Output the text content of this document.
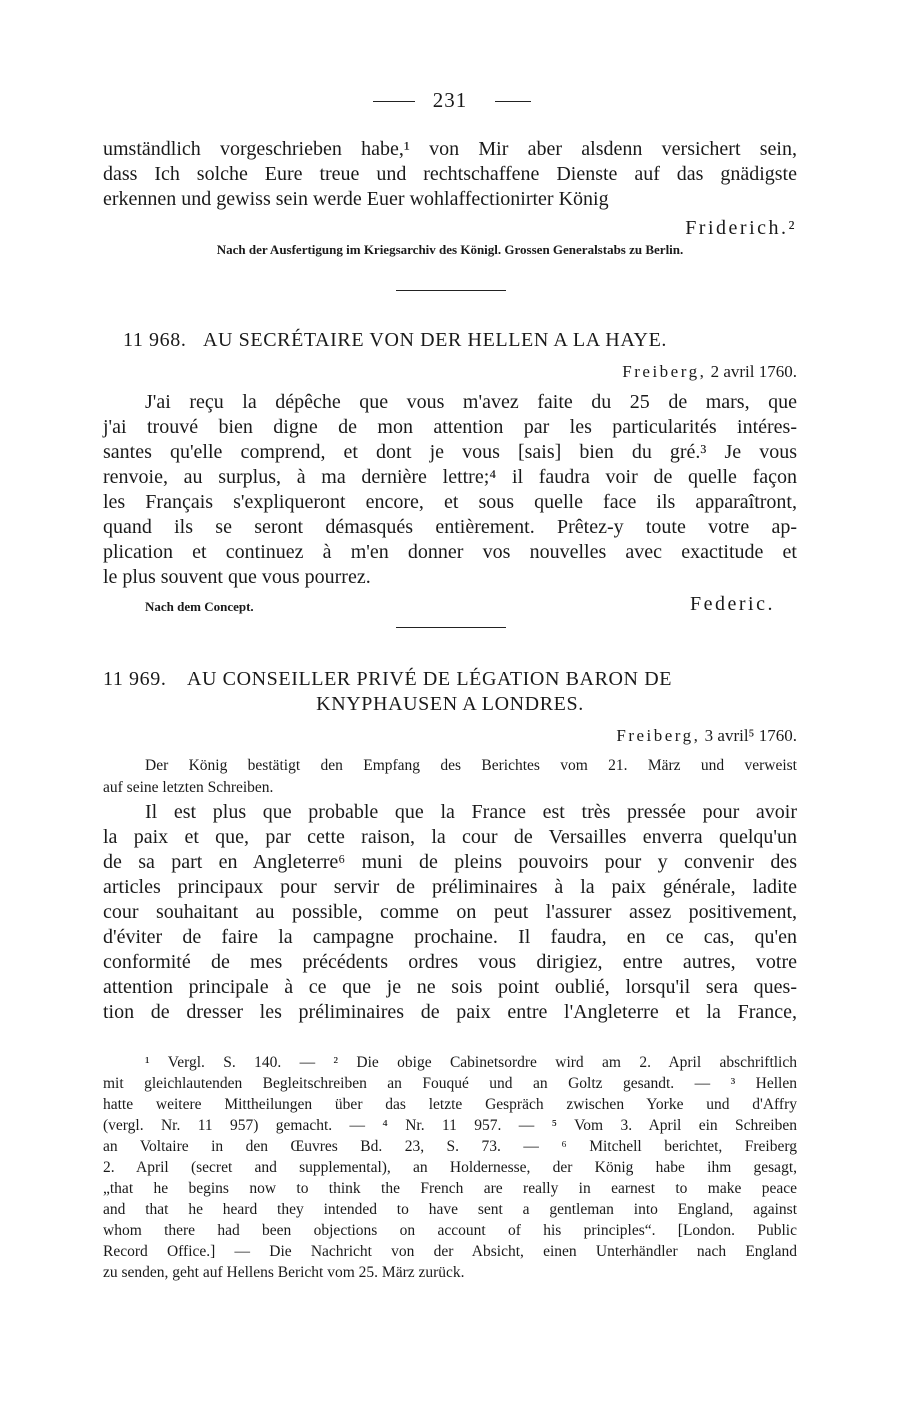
231
umständlich vorgeschrieben habe,¹ von Mir aber alsdenn versichert sein,
dass Ich solche Eure treue und rechtschaffene Dienste auf das gnädigste
erkennen und gewiss sein werde Euer wohlaffectionirter König
Friderich.²
Nach der Ausfertigung im Kriegsarchiv des Königl. Grossen Generalstabs zu Berlin.
11 968. AU SECRÉTAIRE VON DER HELLEN A LA HAYE.
Freiberg, 2 avril 1760.
J'ai reçu la dépêche que vous m'avez faite du 25 de mars, que
j'ai trouvé bien digne de mon attention par les particularités intéres-
santes qu'elle comprend, et dont je vous [sais] bien du gré.³ Je vous
renvoie, au surplus, à ma dernière lettre;⁴ il faudra voir de quelle façon
les Français s'expliqueront encore, et sous quelle face ils apparaîtront,
quand ils se seront démasqués entièrement. Prêtez-y toute votre ap-
plication et continuez à m'en donner vos nouvelles avec exactitude et
le plus souvent que vous pourrez.
Nach dem Concept.	Federic.
11 969. AU CONSEILLER PRIVÉ DE LÉGATION BARON DE
KNYPHAUSEN A LONDRES.
Freiberg, 3 avril⁵ 1760.
Der König bestätigt den Empfang des Berichtes vom 21. März und verweist
auf seine letzten Schreiben.
Il est plus que probable que la France est très pressée pour avoir
la paix et que, par cette raison, la cour de Versailles enverra quelqu'un
de sa part en Angleterre⁶ muni de pleins pouvoirs pour y convenir des
articles principaux pour servir de préliminaires à la paix générale, ladite
cour souhaitant au possible, comme on peut l'assurer assez positivement,
d'éviter de faire la campagne prochaine. Il faudra, en ce cas, qu'en
conformité de mes précédents ordres vous dirigiez, entre autres, votre
attention principale à ce que je ne sois point oublié, lorsqu'il sera ques-
tion de dresser les préliminaires de paix entre l'Angleterre et la France,
¹ Vergl. S. 140. — ² Die obige Cabinetsordre wird am 2. April abschriftlich
mit gleichlautenden Begleitschreiben an Fouqué und an Goltz gesandt. — ³ Hellen
hatte weitere Mittheilungen über das letzte Gespräch zwischen Yorke und d'Affry
(vergl. Nr. 11 957) gemacht. — ⁴ Nr. 11 957. — ⁵ Vom 3. April ein Schreiben
an Voltaire in den Œuvres Bd. 23, S. 73. — ⁶ Mitchell berichtet, Freiberg
2. April (secret and supplemental), an Holdernesse, der König habe ihm gesagt,
„that he begins now to think the French are really in earnest to make peace
and that he heard they intended to have sent a gentleman into England, against
whom there had been objections on account of his principles“. [London. Public
Record Office.] — Die Nachricht von der Absicht, einen Unterhändler nach England
zu senden, geht auf Hellens Bericht vom 25. März zurück.
